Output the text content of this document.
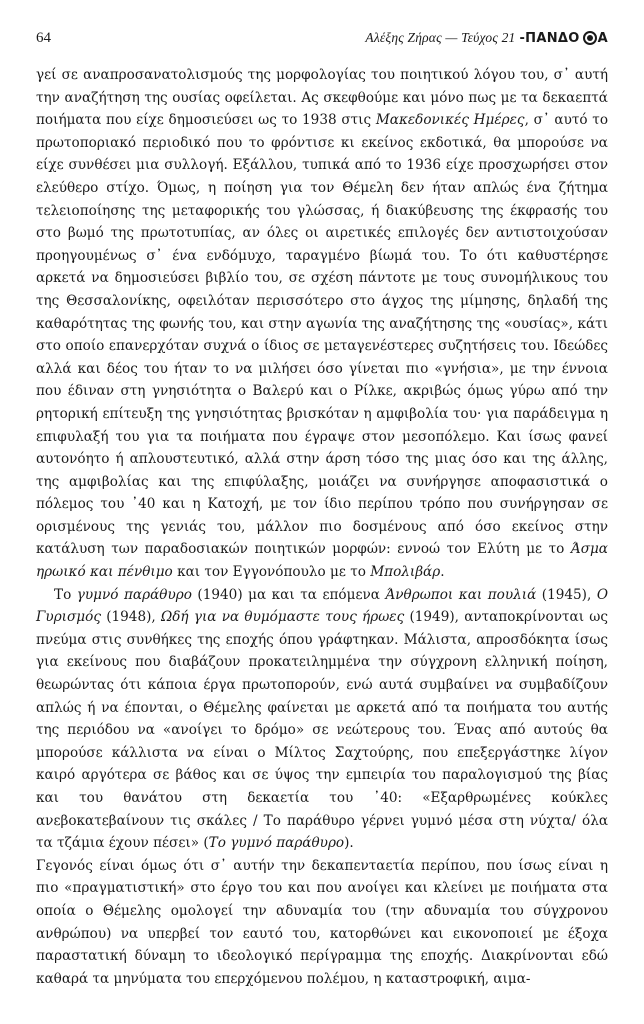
64	Αλέξης Ζήρας — Τεύχος 21 -ΠΑΝΔΟ Α

γεί σε αναπροσανατολισμούς της μορφολογίας του ποιητικού λόγου του, σ᾽ αυτή την αναζήτηση της ουσίας οφείλεται. Ας σκεφθούμε και μόνο πως με τα δεκαεπτά ποιήματα που είχε δημοσιεύσει ως το 1938 στις Μακεδονικές Ημέρες, σ᾽ αυτό το πρωτοποριακό περιοδικό που το φρόντισε κι εκείνος εκδοτικά, θα μπορούσε να είχε συνθέσει μια συλλογή. Εξάλλου, τυπικά από το 1936 είχε προσχωρήσει στον ελεύθερο στίχο. Όμως, η ποίηση για τον Θέμελη δεν ήταν απλώς ένα ζήτημα τελειοποίησης της μεταφορικής του γλώσσας, ή διακύβευσης της έκφρασής του στο βωμό της πρωτοτυπίας, αν όλες οι αιρετικές επιλογές δεν αντιστοιχούσαν προηγουμένως σ᾽ ένα ενδόμυχο, ταραγμένο βίωμά του. Το ότι καθυστέρησε αρκετά να δημοσιεύσει βιβλίο του, σε σχέση πάντοτε με τους συνομήλικους του της Θεσσαλονίκης, οφειλόταν περισσότερο στο άγχος της μίμησης, δηλαδή της καθαρότητας της φωνής του, και στην αγωνία της αναζήτησης της «ουσίας», κάτι στο οποίο επανερχόταν συχνά ο ίδιος σε μεταγενέστερες συζητήσεις του. Ιδεώδες αλλά και δέος του ήταν το να μιλήσει όσο γίνεται πιο «γνήσια», με την έννοια που έδιναν στη γνησιότητα ο Βαλερύ και ο Ρίλκε, ακριβώς όμως γύρω από την ρητορική επίτευξη της γνησιότητας βρισκόταν η αμφιβολία του· για παράδειγμα η επιφυλαξή του για τα ποιήματα που έγραψε στον μεσοπόλεμο. Και ίσως φανεί αυτονόητο ή απλουστευτικό, αλλά στην άρση τόσο της μιας όσο και της άλλης, της αμφιβολίας και της επιφύλαξης, μοιάζει να συνήργησε αποφασιστικά ο πόλεμος του ᾽40 και η Κατοχή, με τον ίδιο περίπου τρόπο που συνήργησαν σε ορισμένους της γενιάς του, μάλλον πιο δοσμένους από όσο εκείνος στην κατάλυση των παραδοσιακών ποιητικών μορφών: εννοώ τον Ελύτη με το Άσμα ηρωικό και πένθιμο και τον Εγγονόπουλο με το Μπολιβάρ.

Το γυμνό παράθυρο (1940) μα και τα επόμενα Άνθρωποι και πουλιά (1945), Ο Γυρισμός (1948), Ωδή για να θυμόμαστε τους ήρωες (1949), ανταποκρίνονται ως πνεύμα στις συνθήκες της εποχής όπου γράφτηκαν. Μάλιστα, απροσδόκητα ίσως για εκείνους που διαβάζουν προκατειλημμένα την σύγχρονη ελληνική ποίηση, θεωρώντας ότι κάποια έργα πρωτοπορούν, ενώ αυτά συμβαίνει να συμβαδίζουν απλώς ή να έπονται, ο Θέμελης φαίνεται με αρκετά από τα ποιήματα του αυτής της περιόδου να «ανοίγει το δρόμο» σε νεώτερους του. Ένας από αυτούς θα μπορούσε κάλλιστα να είναι ο Μίλτος Σαχτούρης, που επεξεργάστηκε λίγον καιρό αργότερα σε βάθος και σε ύψος την εμπειρία του παραλογισμού της βίας και του θανάτου στη δεκαετία του ᾽40: «Εξαρθρωμένες κούκλες ανεβοκατεβαίνουν τις σκάλες / Το παράθυρο γέρνει γυμνό μέσα στη νύχτα/ όλα τα τζάμια έχουν πέσει» (Το γυμνό παράθυρο).

Γεγονός είναι όμως ότι σ᾽ αυτήν την δεκαπενταετία περίπου, που ίσως είναι η πιο «πραγματιστική» στο έργο του και που ανοίγει και κλείνει με ποιήματα στα οποία ο Θέμελης ομολογεί την αδυναμία του (την αδυναμία του σύγχρονου ανθρώπου) να υπερβεί τον εαυτό του, κατορθώνει και εικονοποιεί με έξοχα παραστατική δύναμη το ιδεολογικό περίγραμμα της εποχής. Διακρίνονται εδώ καθαρά τα μηνύματα του επερχόμενου πολέμου, η καταστροφική, αιμα-
